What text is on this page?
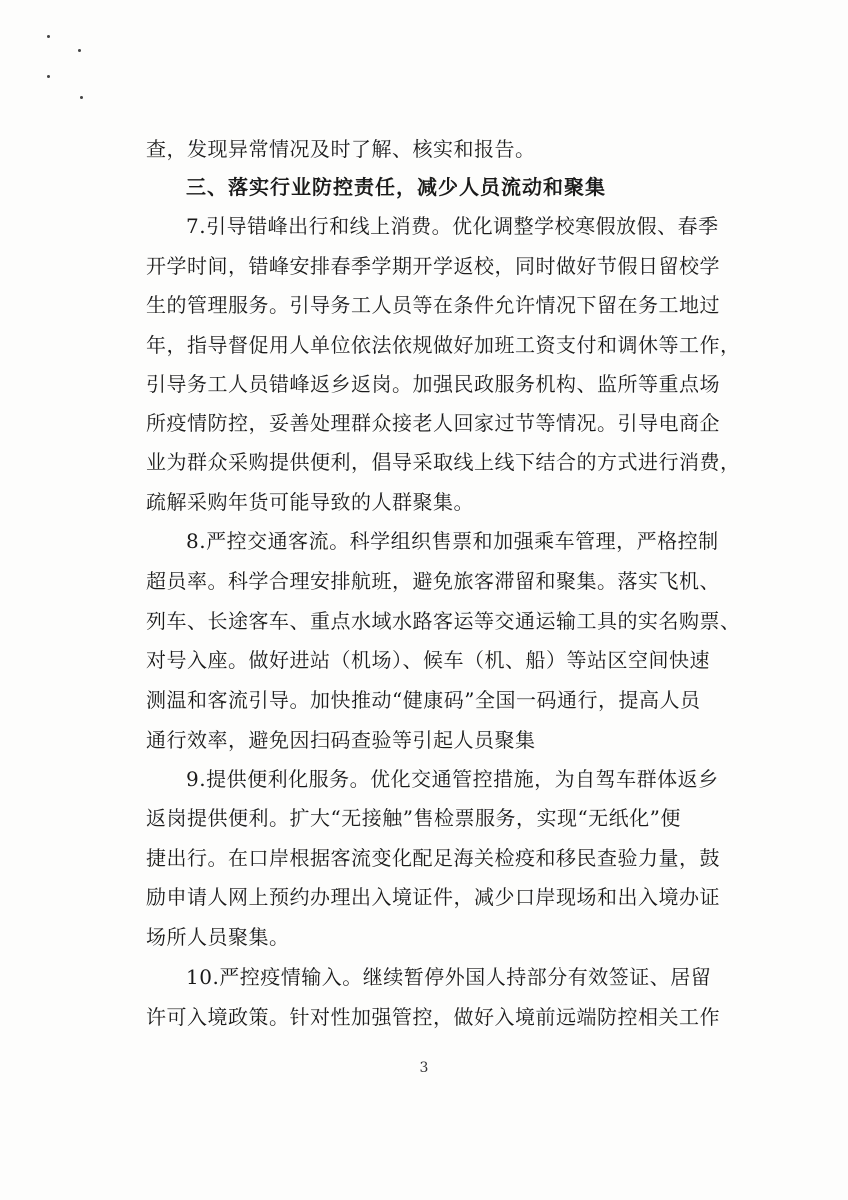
查，发现异常情况及时了解、核实和报告。
三、落实行业防控责任，减少人员流动和聚集
7.引导错峰出行和线上消费。优化调整学校寒假放假、春季
开学时间，错峰安排春季学期开学返校，同时做好节假日留校学
生的管理服务。引导务工人员等在条件允许情况下留在务工地过
年，指导督促用人单位依法依规做好加班工资支付和调休等工作，
引导务工人员错峰返乡返岗。加强民政服务机构、监所等重点场
所疫情防控，妥善处理群众接老人回家过节等情况。引导电商企
业为群众采购提供便利，倡导采取线上线下结合的方式进行消费，
疏解采购年货可能导致的人群聚集。
8.严控交通客流。科学组织售票和加强乘车管理，严格控制
超员率。科学合理安排航班，避免旅客滞留和聚集。落实飞机、
列车、长途客车、重点水域水路客运等交通运输工具的实名购票、
对号入座。做好进站（机场）、候车（机、船）等站区空间快速
测温和客流引导。加快推动“健康码”全国一码通行，提高人员
通行效率，避免因扫码查验等引起人员聚集
9.提供便利化服务。优化交通管控措施，为自驾车群体返乡
返岗提供便利。扩大“无接触”售检票服务，实现“无纸化”便
捷出行。在口岸根据客流变化配足海关检疫和移民查验力量，鼓
励申请人网上预约办理出入境证件，减少口岸现场和出入境办证
场所人员聚集。
10.严控疫情输入。继续暂停外国人持部分有效签证、居留
许可入境政策。针对性加强管控，做好入境前远端防控相关工作
3
